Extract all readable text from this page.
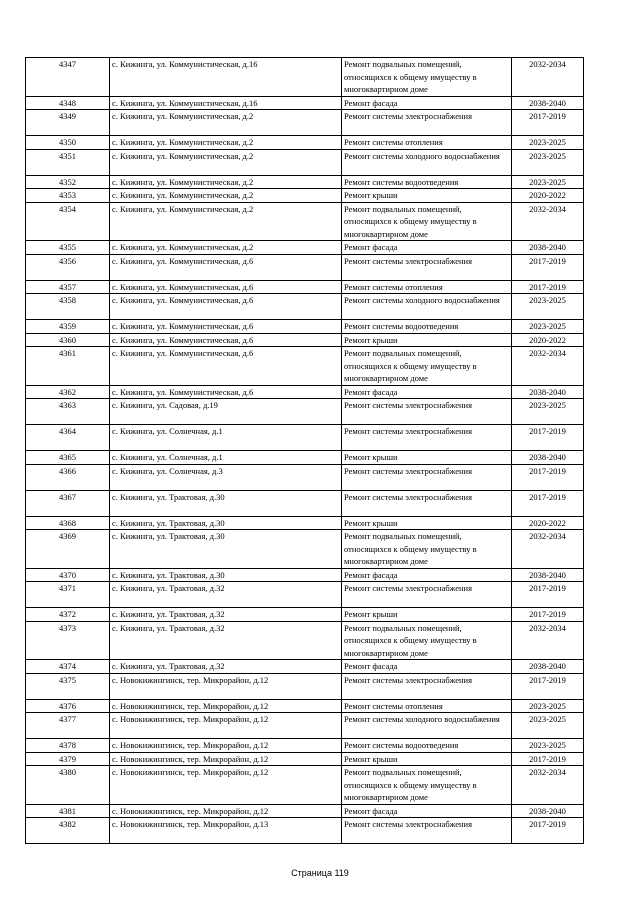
4347	с. Кижинга, ул. Коммунистическая, д.16	Ремонт подвальных помещений, относящихся к общему имуществу в многоквартирном доме	2032-2034
4348	с. Кижинга, ул. Коммунистическая, д.16	Ремонт фасада	2038-2040
4349	с. Кижинга, ул. Коммунистическая, д.2	Ремонт системы электроснабжения	2017-2019
4350	с. Кижинга, ул. Коммунистическая, д.2	Ремонт системы отопления	2023-2025
4351	с. Кижинга, ул. Коммунистическая, д.2	Ремонт системы холодного водоснабжения	2023-2025
4352	с. Кижинга, ул. Коммунистическая, д.2	Ремонт системы водоотведения	2023-2025
4353	с. Кижинга, ул. Коммунистическая, д.2	Ремонт крыши	2020-2022
4354	с. Кижинга, ул. Коммунистическая, д.2	Ремонт подвальных помещений, относящихся к общему имуществу в многоквартирном доме	2032-2034
4355	с. Кижинга, ул. Коммунистическая, д.2	Ремонт фасада	2038-2040
4356	с. Кижинга, ул. Коммунистическая, д.6	Ремонт системы электроснабжения	2017-2019
4357	с. Кижинга, ул. Коммунистическая, д.6	Ремонт системы отопления	2017-2019
4358	с. Кижинга, ул. Коммунистическая, д.6	Ремонт системы холодного водоснабжения	2023-2025
4359	с. Кижинга, ул. Коммунистическая, д.6	Ремонт системы водоотведения	2023-2025
4360	с. Кижинга, ул. Коммунистическая, д.6	Ремонт крыши	2020-2022
4361	с. Кижинга, ул. Коммунистическая, д.6	Ремонт подвальных помещений, относящихся к общему имуществу в многоквартирном доме	2032-2034
4362	с. Кижинга, ул. Коммунистическая, д.6	Ремонт фасада	2038-2040
4363	с. Кижинга, ул. Садовая, д.19	Ремонт системы электроснабжения	2023-2025
4364	с. Кижинга, ул. Солнечная, д.1	Ремонт системы электроснабжения	2017-2019
4365	с. Кижинга, ул. Солнечная, д.1	Ремонт крыши	2038-2040
4366	с. Кижинга, ул. Солнечная, д.3	Ремонт системы электроснабжения	2017-2019
4367	с. Кижинга, ул. Трактовая, д.30	Ремонт системы электроснабжения	2017-2019
4368	с. Кижинга, ул. Трактовая, д.30	Ремонт крыши	2020-2022
4369	с. Кижинга, ул. Трактовая, д.30	Ремонт подвальных помещений, относящихся к общему имуществу в многоквартирном доме	2032-2034
4370	с. Кижинга, ул. Трактовая, д.30	Ремонт фасада	2038-2040
4371	с. Кижинга, ул. Трактовая, д.32	Ремонт системы электроснабжения	2017-2019
4372	с. Кижинга, ул. Трактовая, д.32	Ремонт крыши	2017-2019
4373	с. Кижинга, ул. Трактовая, д.32	Ремонт подвальных помещений, относящихся к общему имуществу в многоквартирном доме	2032-2034
4374	с. Кижинга, ул. Трактовая, д.32	Ремонт фасада	2038-2040
4375	с. Новокижингинск, тер. Микрорайон, д.12	Ремонт системы электроснабжения	2017-2019
4376	с. Новокижингинск, тер. Микрорайон, д.12	Ремонт системы отопления	2023-2025
4377	с. Новокижингинск, тер. Микрорайон, д.12	Ремонт системы холодного водоснабжения	2023-2025
4378	с. Новокижингинск, тер. Микрорайон, д.12	Ремонт системы водоотведения	2023-2025
4379	с. Новокижингинск, тер. Микрорайон, д.12	Ремонт крыши	2017-2019
4380	с. Новокижингинск, тер. Микрорайон, д.12	Ремонт подвальных помещений, относящихся к общему имуществу в многоквартирном доме	2032-2034
4381	с. Новокижингинск, тер. Микрорайон, д.12	Ремонт фасада	2038-2040
4382	с. Новокижингинск, тер. Микрорайон, д.13	Ремонт системы электроснабжения	2017-2019
Страница 119
